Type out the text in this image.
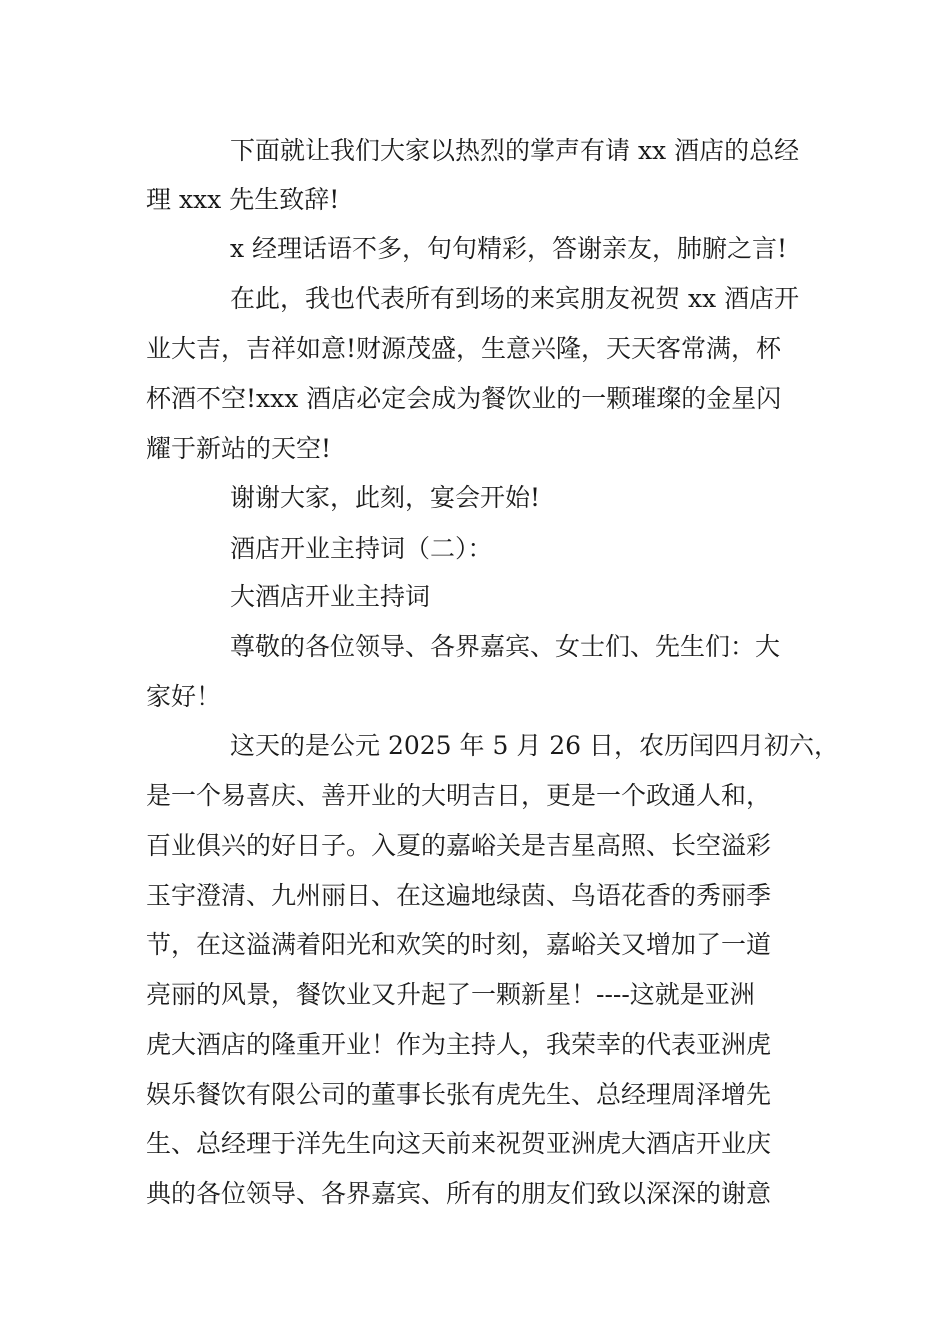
下面就让我们大家以热烈的掌声有请 xx 酒店的总经
理 xxx 先生致辞!
x 经理话语不多，句句精彩，答谢亲友，肺腑之言!
在此，我也代表所有到场的来宾朋友祝贺 xx 酒店开
业大吉，吉祥如意!财源茂盛，生意兴隆，天天客常满，杯
杯酒不空!xxx 酒店必定会成为餐饮业的一颗璀璨的金星闪
耀于新站的天空!
谢谢大家，此刻，宴会开始!
酒店开业主持词（二）：
大酒店开业主持词
尊敬的各位领导、各界嘉宾、女士们、先生们：大
家好！
这天的是公元 2025 年 5 月 26 日，农历闰四月初六，
是一个易喜庆、善开业的大明吉日，更是一个政通人和，
百业俱兴的好日子。入夏的嘉峪关是吉星高照、长空溢彩
玉宇澄清、九州丽日、在这遍地绿茵、鸟语花香的秀丽季
节，在这溢满着阳光和欢笑的时刻，嘉峪关又增加了一道
亮丽的风景，餐饮业又升起了一颗新星！----这就是亚洲
虎大酒店的隆重开业！作为主持人，我荣幸的代表亚洲虎
娱乐餐饮有限公司的董事长张有虎先生、总经理周泽增先
生、总经理于洋先生向这天前来祝贺亚洲虎大酒店开业庆
典的各位领导、各界嘉宾、所有的朋友们致以深深的谢意
